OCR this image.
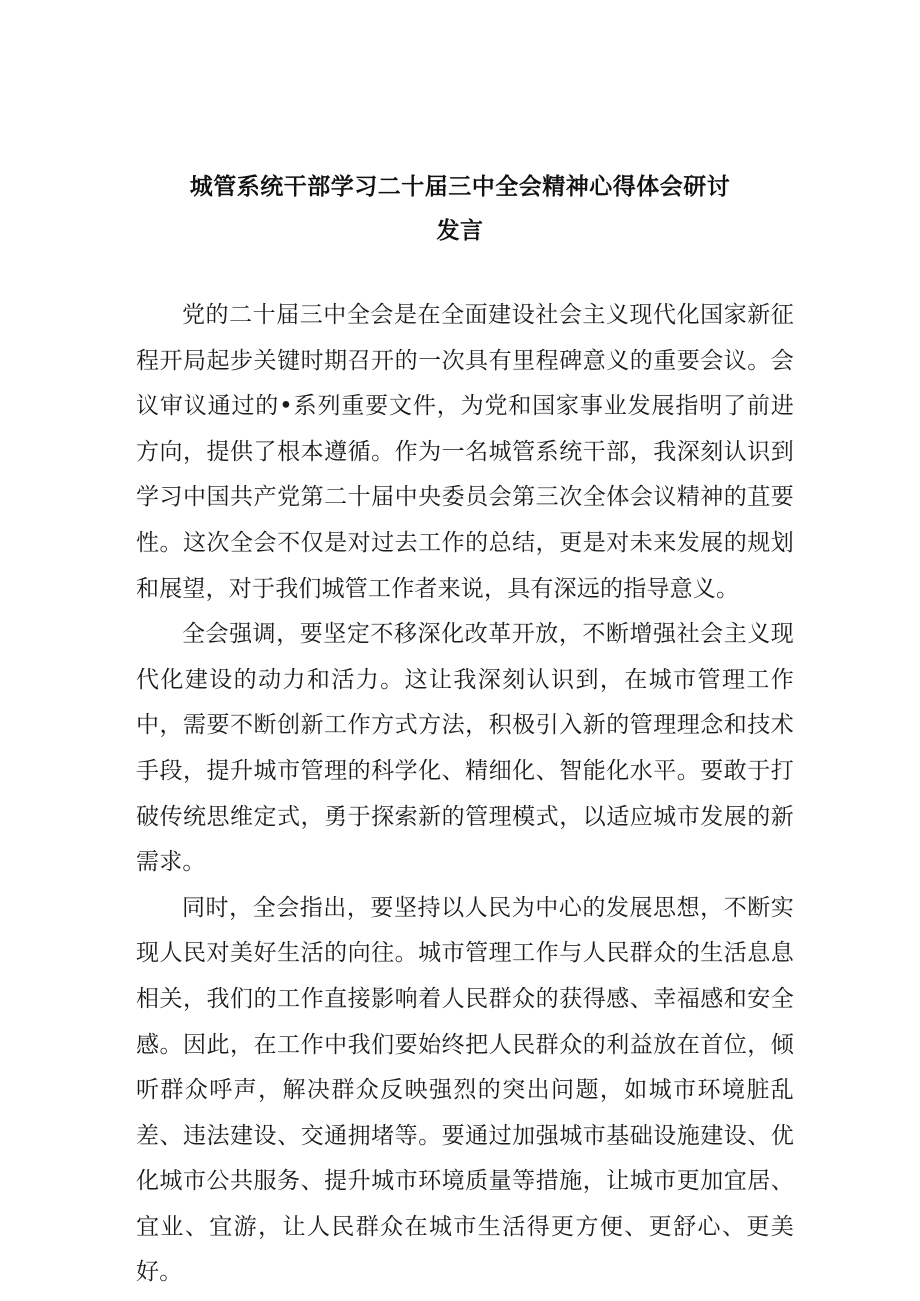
城管系统干部学习二十届三中全会精神心得体会研讨
发言

党的二十届三中全会是在全面建设社会主义现代化国家新征程开局起步关键时期召开的一次具有里程碑意义的重要会议。会议审议通过的•系列重要文件，为党和国家事业发展指明了前进方向，提供了根本遵循。作为一名城管系统干部，我深刻认识到学习中国共产党第二十届中央委员会第三次全体会议精神的苴要性。这次全会不仅是对过去工作的总结，更是对未来发展的规划和展望，对于我们城管工作者来说，具有深远的指导意义。

全会强调，要坚定不移深化改革开放，不断增强社会主义现代化建设的动力和活力。这让我深刻认识到，在城市管理工作中，需要不断创新工作方式方法，积极引入新的管理理念和技术手段，提升城市管理的科学化、精细化、智能化水平。要敢于打破传统思维定式，勇于探索新的管理模式，以适应城市发展的新需求。

同时，全会指出，要坚持以人民为中心的发展思想，不断实现人民对美好生活的向往。城市管理工作与人民群众的生活息息相关，我们的工作直接影响着人民群众的获得感、幸福感和安全感。因此，在工作中我们要始终把人民群众的利益放在首位，倾听群众呼声，解决群众反映强烈的突出问题，如城市环境脏乱差、违法建设、交通拥堵等。要通过加强城市基础设施建设、优化城市公共服务、提升城市环境质量等措施，让城市更加宜居、宜业、宜游，让人民群众在城市生活得更方便、更舒心、更美好。
